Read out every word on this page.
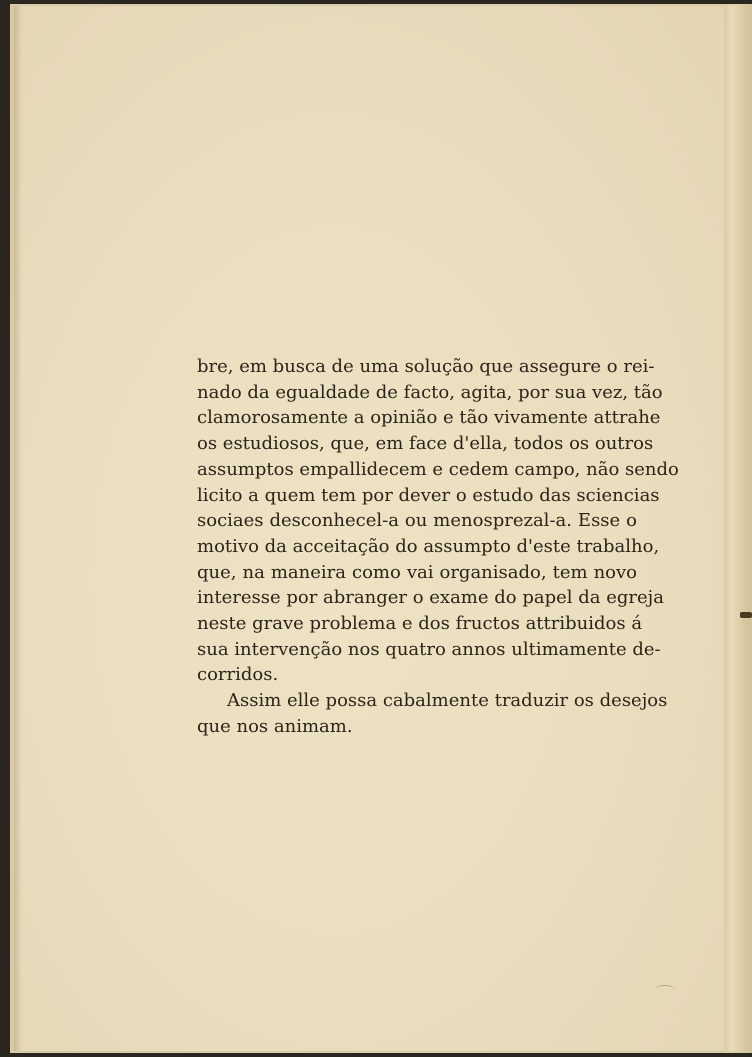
bre, em busca de uma solução que assegure o rei-
nado da egualdade de facto, agita, por sua vez, tão
clamorosamente a opinião e tão vivamente attrahe
os estudiosos, que, em face d'ella, todos os outros
assumptos empallidecem e cedem campo, não sendo
licito a quem tem por dever o estudo das sciencias
sociaes desconhecel-a ou menosprezal-a. Esse o
motivo da acceitação do assumpto d'este trabalho,
que, na maneira como vai organisado, tem novo
interesse por abranger o exame do papel da egreja
neste grave problema e dos fructos attribuidos á
sua intervenção nos quatro annos ultimamente de-
corridos.
Assim elle possa cabalmente traduzir os desejos
que nos animam.
